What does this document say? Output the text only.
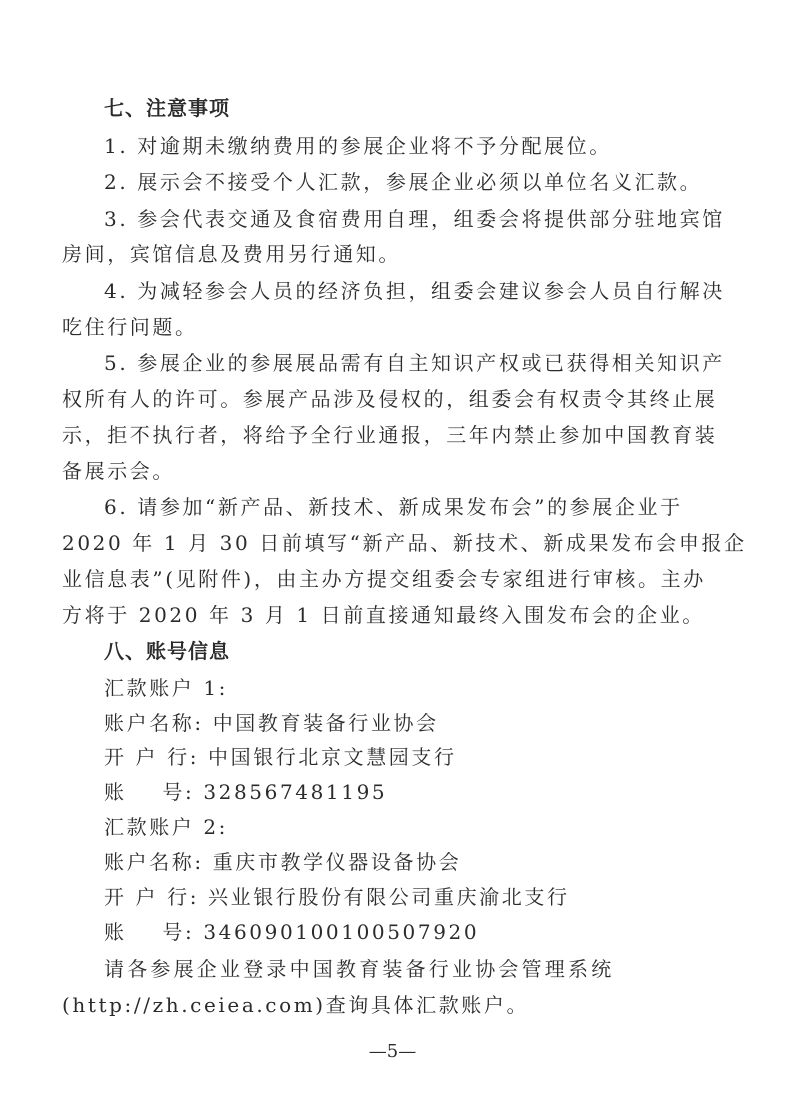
七、注意事项
1. 对逾期未缴纳费用的参展企业将不予分配展位。
2. 展示会不接受个人汇款，参展企业必须以单位名义汇款。
3. 参会代表交通及食宿费用自理，组委会将提供部分驻地宾馆
房间，宾馆信息及费用另行通知。
4. 为减轻参会人员的经济负担，组委会建议参会人员自行解决
吃住行问题。
5. 参展企业的参展展品需有自主知识产权或已获得相关知识产
权所有人的许可。参展产品涉及侵权的，组委会有权责令其终止展
示，拒不执行者，将给予全行业通报，三年内禁止参加中国教育装
备展示会。
6. 请参加“新产品、新技术、新成果发布会”的参展企业于
2020 年 1 月 30 日前填写“新产品、新技术、新成果发布会申报企
业信息表”(见附件)，由主办方提交组委会专家组进行审核。主办
方将于 2020 年 3 月 1 日前直接通知最终入围发布会的企业。
八、账号信息
汇款账户 1:
账户名称: 中国教育装备行业协会
开 户 行: 中国银行北京文慧园支行
账    号: 328567481195
汇款账户 2:
账户名称: 重庆市教学仪器设备协会
开 户 行: 兴业银行股份有限公司重庆渝北支行
账    号: 346090100100507920
请各参展企业登录中国教育装备行业协会管理系统
(http://zh.ceiea.com)查询具体汇款账户。
—5—
